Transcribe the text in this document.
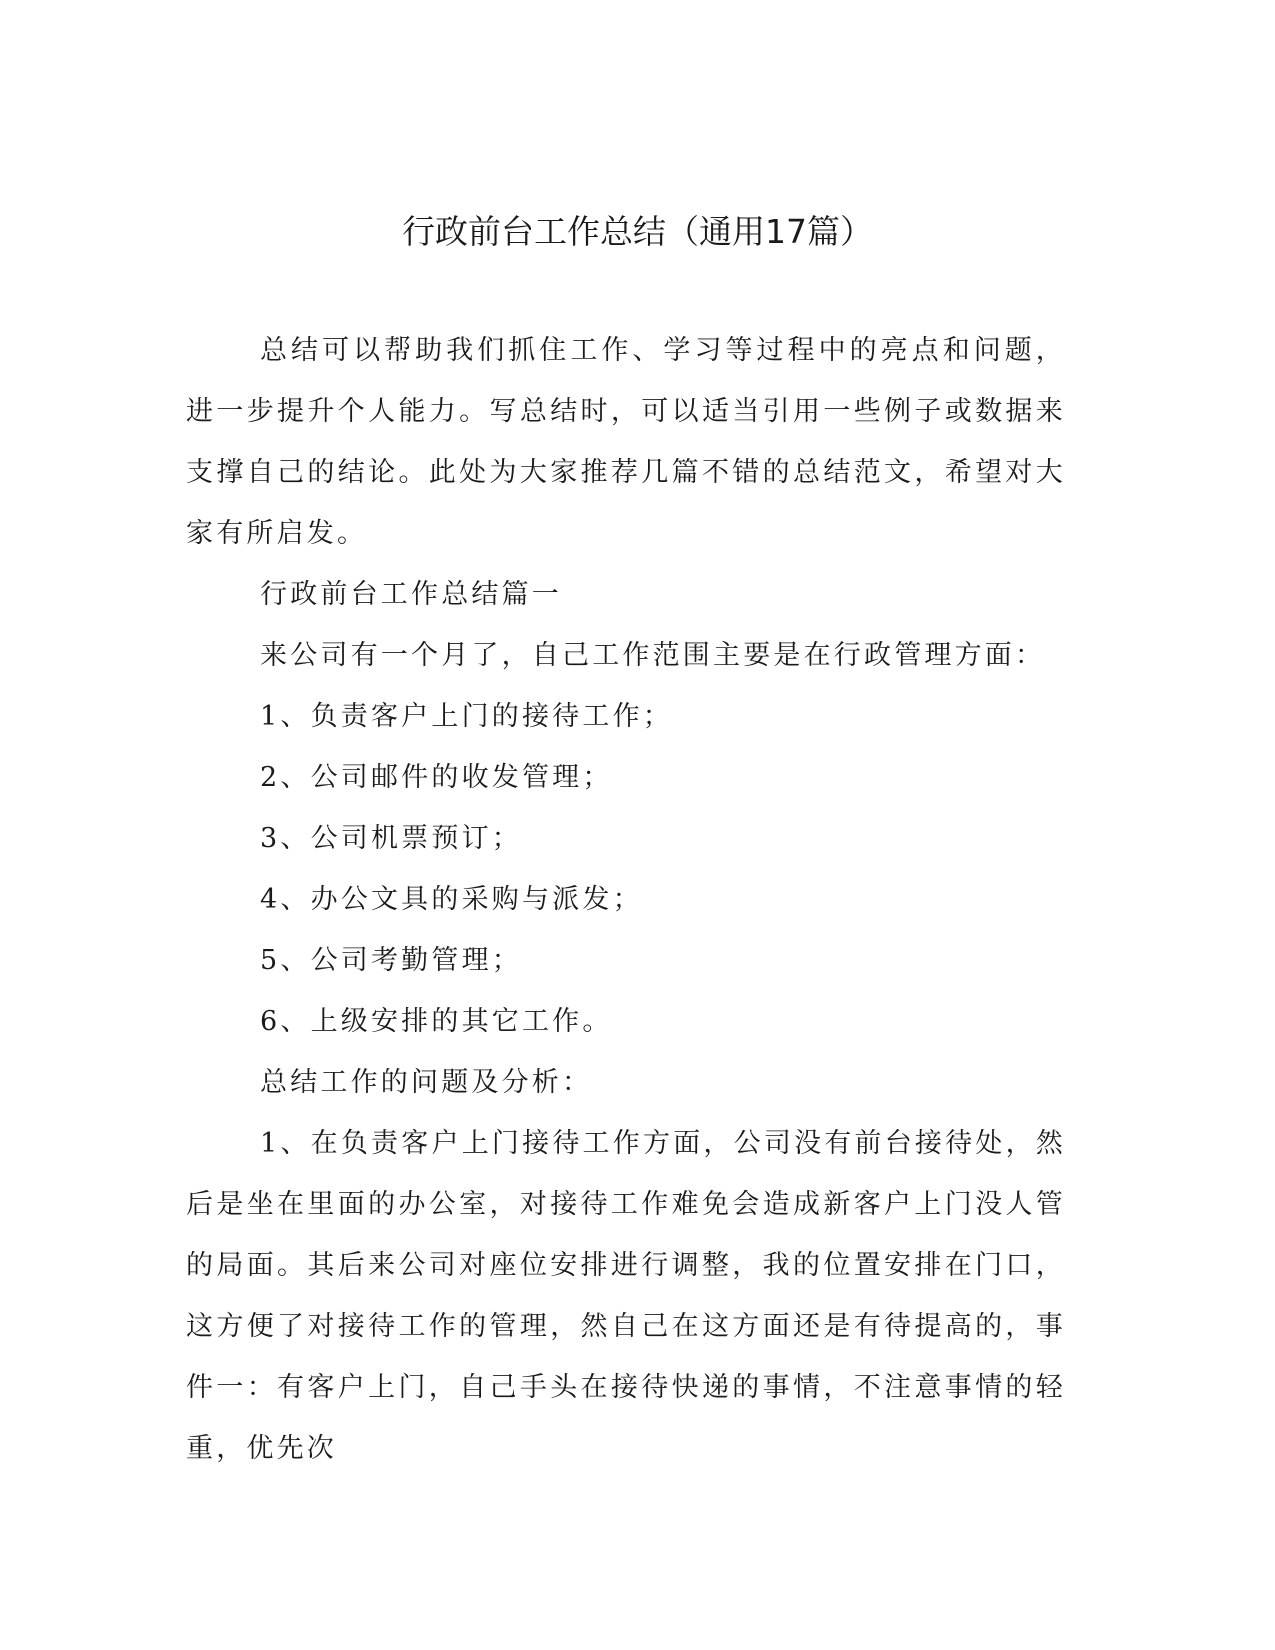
行政前台工作总结（通用17篇）

总结可以帮助我们抓住工作、学习等过程中的亮点和问题，进一步提升个人能力。写总结时，可以适当引用一些例子或数据来支撑自己的结论。此处为大家推荐几篇不错的总结范文，希望对大家有所启发。

行政前台工作总结篇一

来公司有一个月了，自己工作范围主要是在行政管理方面：

1、负责客户上门的接待工作；

2、公司邮件的收发管理；

3、公司机票预订；

4、办公文具的采购与派发；

5、公司考勤管理；

6、上级安排的其它工作。

总结工作的问题及分析：

1、在负责客户上门接待工作方面，公司没有前台接待处，然后是坐在里面的办公室，对接待工作难免会造成新客户上门没人管的局面。其后来公司对座位安排进行调整，我的位置安排在门口，这方便了对接待工作的管理，然自己在这方面还是有待提高的，事件一：有客户上门，自己手头在接待快递的事情，不注意事情的轻重，优先次
